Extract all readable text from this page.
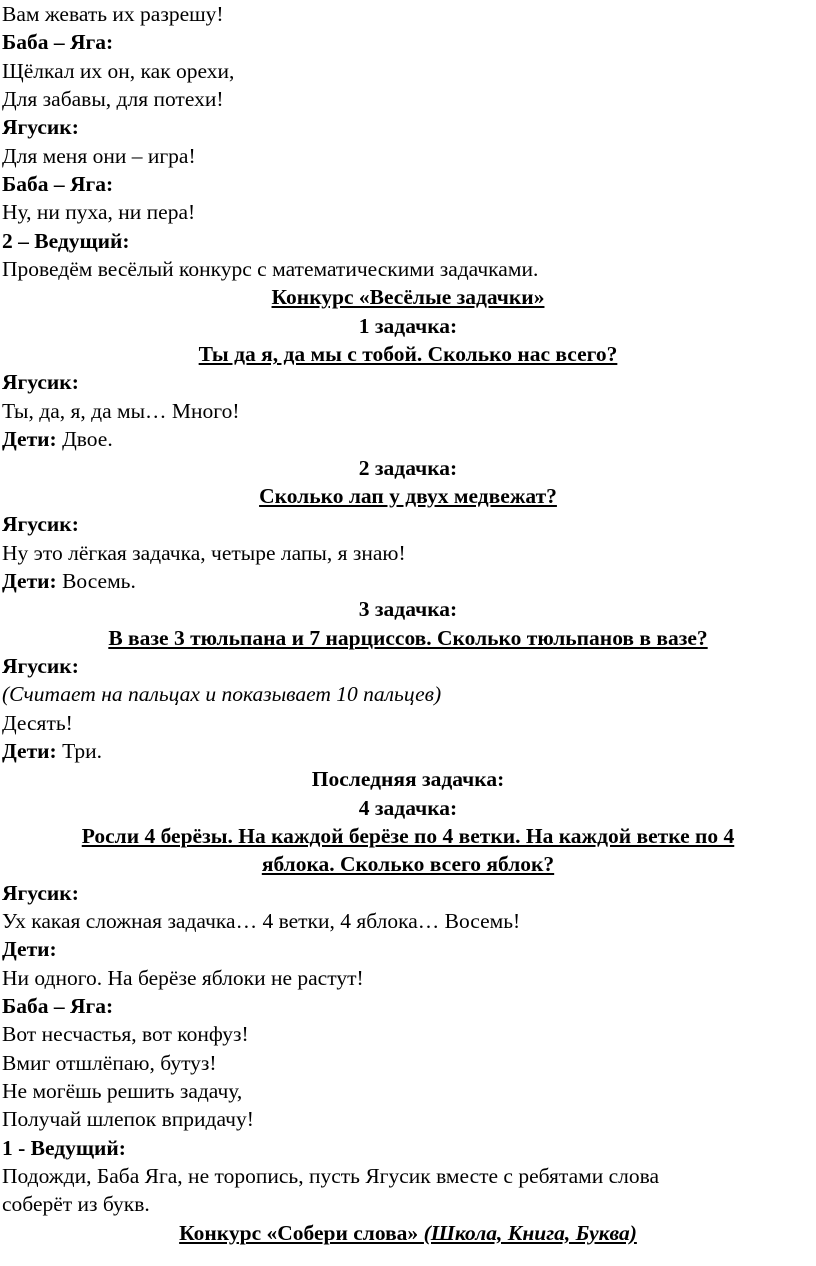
Вам жевать их разрешу!

Баба – Яга:

Щёлкал их он, как орехи,

Для забавы, для потехи!

Ягусик:

Для меня они – игра!

Баба – Яга:

Ну, ни пуха, ни пера!

2 – Ведущий:

Проведём весёлый конкурс с математическими задачками.

Конкурс «Весёлые задачки»

1 задачка:

Ты да я, да мы с тобой. Сколько нас всего?

Ягусик:

Ты, да, я, да мы… Много!

Дети: Двое.

2 задачка:

Сколько лап у двух медвежат?

Ягусик:

Ну это лёгкая задачка, четыре лапы, я знаю!

Дети: Восемь.

3 задачка:

В вазе 3 тюльпана и 7 нарциссов. Сколько тюльпанов в вазе?

Ягусик:

(Считает на пальцах и показывает 10 пальцев)

Десять!

Дети: Три.

Последняя задачка:

4 задачка:

Росли 4 берёзы. На каждой берёзе по 4 ветки. На каждой ветке по 4

яблока. Сколько всего яблок?

Ягусик:

Ух какая сложная задачка… 4 ветки, 4 яблока… Восемь!

Дети:

Ни одного. На берёзе яблоки не растут!

Баба – Яга:

Вот несчастья, вот конфуз!

Вмиг отшлёпаю, бутуз!

Не могёшь решить задачу,

Получай шлепок впридачу!

1 - Ведущий:

Подожди, Баба Яга, не торопись, пусть Ягусик вместе с ребятами слова

соберёт из букв.

Конкурс «Собери слова» (Школа, Книга, Буква)
